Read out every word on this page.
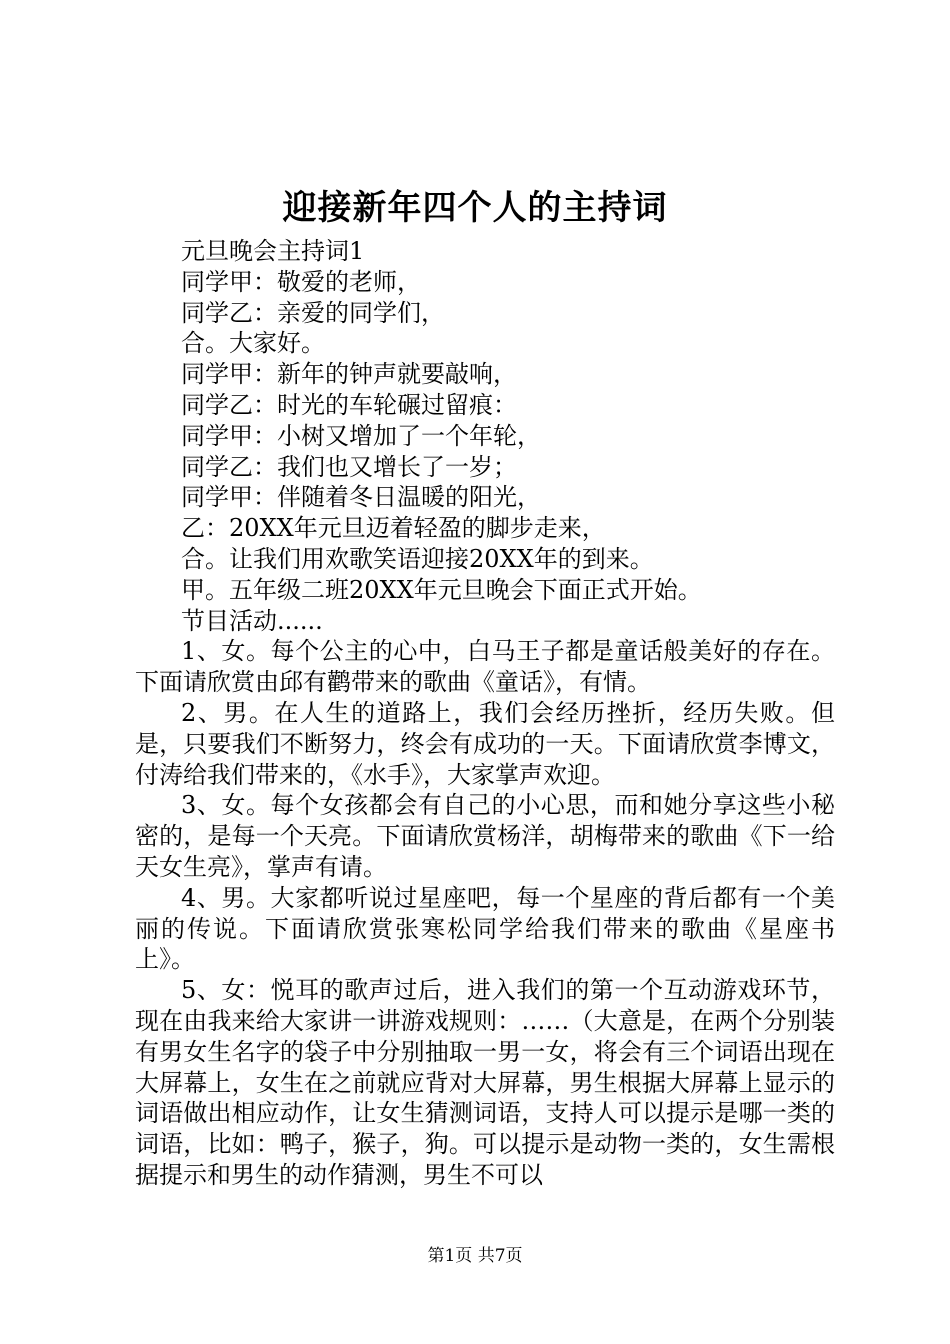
迎接新年四个人的主持词
元旦晚会主持词1
同学甲：敬爱的老师，
同学乙：亲爱的同学们，
合。大家好。
同学甲：新年的钟声就要敲响，
同学乙：时光的车轮碾过留痕：
同学甲：小树又增加了一个年轮，
同学乙：我们也又增长了一岁；
同学甲：伴随着冬日温暖的阳光，
乙：20XX年元旦迈着轻盈的脚步走来，
合。让我们用欢歌笑语迎接20XX年的到来。
甲。五年级二班20XX年元旦晚会下面正式开始。
节目活动......

1、女。每个公主的心中，白马王子都是童话般美好的存在。下面请欣赏由邱有鹳带来的歌曲《童话》，有情。

2、男。在人生的道路上，我们会经历挫折，经历失败。但是，只要我们不断努力，终会有成功的一天。下面请欣赏李博文，付涛给我们带来的，《水手》，大家掌声欢迎。

3、女。每个女孩都会有自己的小心思，而和她分享这些小秘密的，是每一个天亮。下面请欣赏杨洋，胡梅带来的歌曲《下一给天女生亮》，掌声有请。

4、男。大家都听说过星座吧，每一个星座的背后都有一个美丽的传说。下面请欣赏张寒松同学给我们带来的歌曲《星座书上》。

5、女：悦耳的歌声过后，进入我们的第一个互动游戏环节，现在由我来给大家讲一讲游戏规则：……（大意是，在两个分别装有男女生名字的袋子中分别抽取一男一女，将会有三个词语出现在大屏幕上，女生在之前就应背对大屏幕，男生根据大屏幕上显示的词语做出相应动作，让女生猜测词语，支持人可以提示是哪一类的词语，比如：鸭子，猴子，狗。可以提示是动物一类的，女生需根据提示和男生的动作猜测，男生不可以

第1页 共7页
